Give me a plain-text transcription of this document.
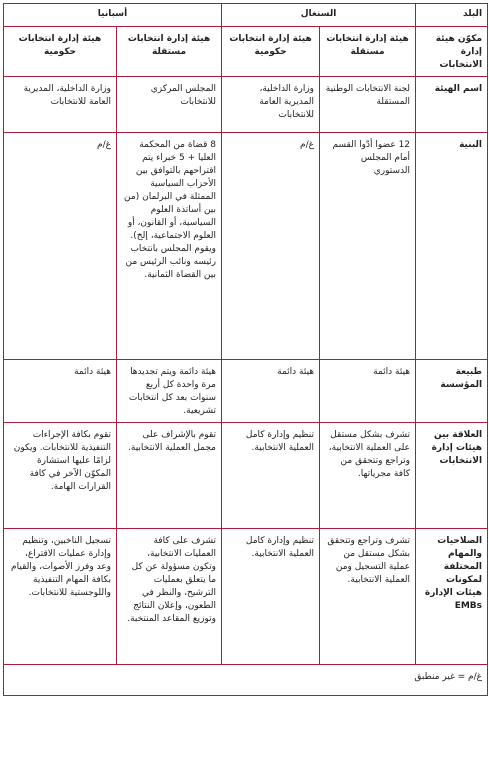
البلد	السنغال		أسبانيا	
مكوّن هيئة إدارة الانتخابات	هيئة إدارة انتخابات مستقلة	هيئة إدارة انتخابات حكومية	هيئة إدارة انتخابات مستقلة	هيئة إدارة انتخابات حكومية
اسم الهيئة	لجنة الانتخابات الوطنية المستقلة	وزارة الداخلية، المديرية العامة للانتخابات	المجلس المركزي للانتخابات	وزارة الداخلية، المديرية العامة للانتخابات
البنية	12 عضوا أدّوا القسم أمام المجلس الدستوري	غ/م	8 قضاة من المحكمة العليا + 5 خبراء يتم اقتراحهم بالتوافق بين الأحزاب السياسية الممثلة في البرلمان (من بين أساتذة العلوم السياسية، أو القانون، أو العلوم الاجتماعية، إلخ). ويقوم المجلس بانتخاب رئيسه ونائب الرئيس من بين القضاة الثمانية.	غ/م
طبيعة المؤسسة	هيئة دائمة	هيئة دائمة	هيئة دائمة ويتم تجديدها مرة واحدة كل أربع سنوات بعد كل انتخابات تشريعية.	هيئة دائمة
العلاقة بين هيئات إدارة الانتخابات	تشرف بشكل مستقل على العملية الانتخابية، وتراجع وتتحقق من كافة مجرياتها.	تنظيم وإدارة كامل العملية الانتخابية.	تقوم بالإشراف على مجمل العملية الانتخابية.	تقوم بكافة الإجراءات التنفيذية للانتخابات. ويكون لزامًا عليها استشارة المكوّن الآخر في كافة القرارات الهامة.
الصلاحيات والمهام المختلفة لمكونات هيئات الإدارة EMBs	تشرف وتراجع وتتحقق بشكل مستقل من عملية التسجيل ومن العملية الانتخابية.	تنظيم وإدارة كامل العملية الانتخابية.	تشرف على كافة العمليات الانتخابية، وتكون مسؤولة عن كل ما يتعلق بعمليات الترشيح، والنظر في الطعون، وإعلان النتائج وتوزيع المقاعد المنتخبة.	تسجيل الناخبين، وتنظيم وإدارة عمليات الاقتراع، وعد وفرز الأصوات، والقيام بكافة المهام التنفيذية واللوجستية للانتخابات.
غ/م = غير منطبق				
